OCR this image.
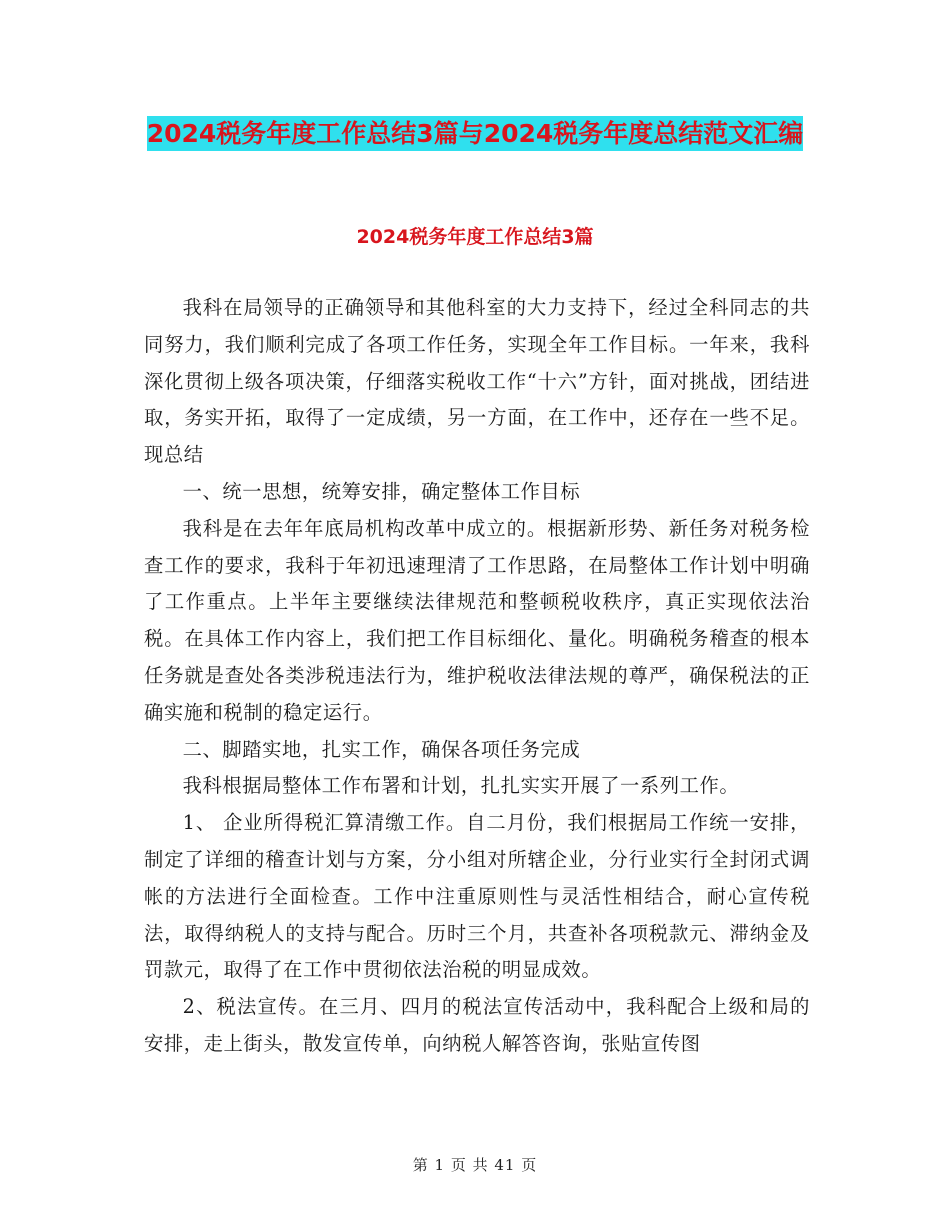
2024税务年度工作总结3篇与2024税务年度总结范文汇编
2024税务年度工作总结3篇

我科在局领导的正确领导和其他科室的大力支持下，经过全科同志的共同努力，我们顺利完成了各项工作任务，实现全年工作目标。一年来，我科深化贯彻上级各项决策，仔细落实税收工作“十六”方针，面对挑战，团结进取，务实开拓，取得了一定成绩，另一方面，在工作中，还存在一些不足。现总结

一、统一思想，统筹安排，确定整体工作目标

我科是在去年年底局机构改革中成立的。根据新形势、新任务对税务检查工作的要求，我科于年初迅速理清了工作思路，在局整体工作计划中明确了工作重点。上半年主要继续法律规范和整顿税收秩序，真正实现依法治税。在具体工作内容上，我们把工作目标细化、量化。明确税务稽查的根本任务就是查处各类涉税违法行为，维护税收法律法规的尊严，确保税法的正确实施和税制的稳定运行。

二、脚踏实地，扎实工作，确保各项任务完成

我科根据局整体工作布署和计划，扎扎实实开展了一系列工作。

1、 企业所得税汇算清缴工作。自二月份，我们根据局工作统一安排，制定了详细的稽查计划与方案，分小组对所辖企业，分行业实行全封闭式调帐的方法进行全面检查。工作中注重原则性与灵活性相结合，耐心宣传税法，取得纳税人的支持与配合。历时三个月，共查补各项税款元、滞纳金及罚款元，取得了在工作中贯彻依法治税的明显成效。

2、税法宣传。在三月、四月的税法宣传活动中，我科配合上级和局的安排，走上街头，散发宣传单，向纳税人解答咨询，张贴宣传图

第 1 页 共 41 页
